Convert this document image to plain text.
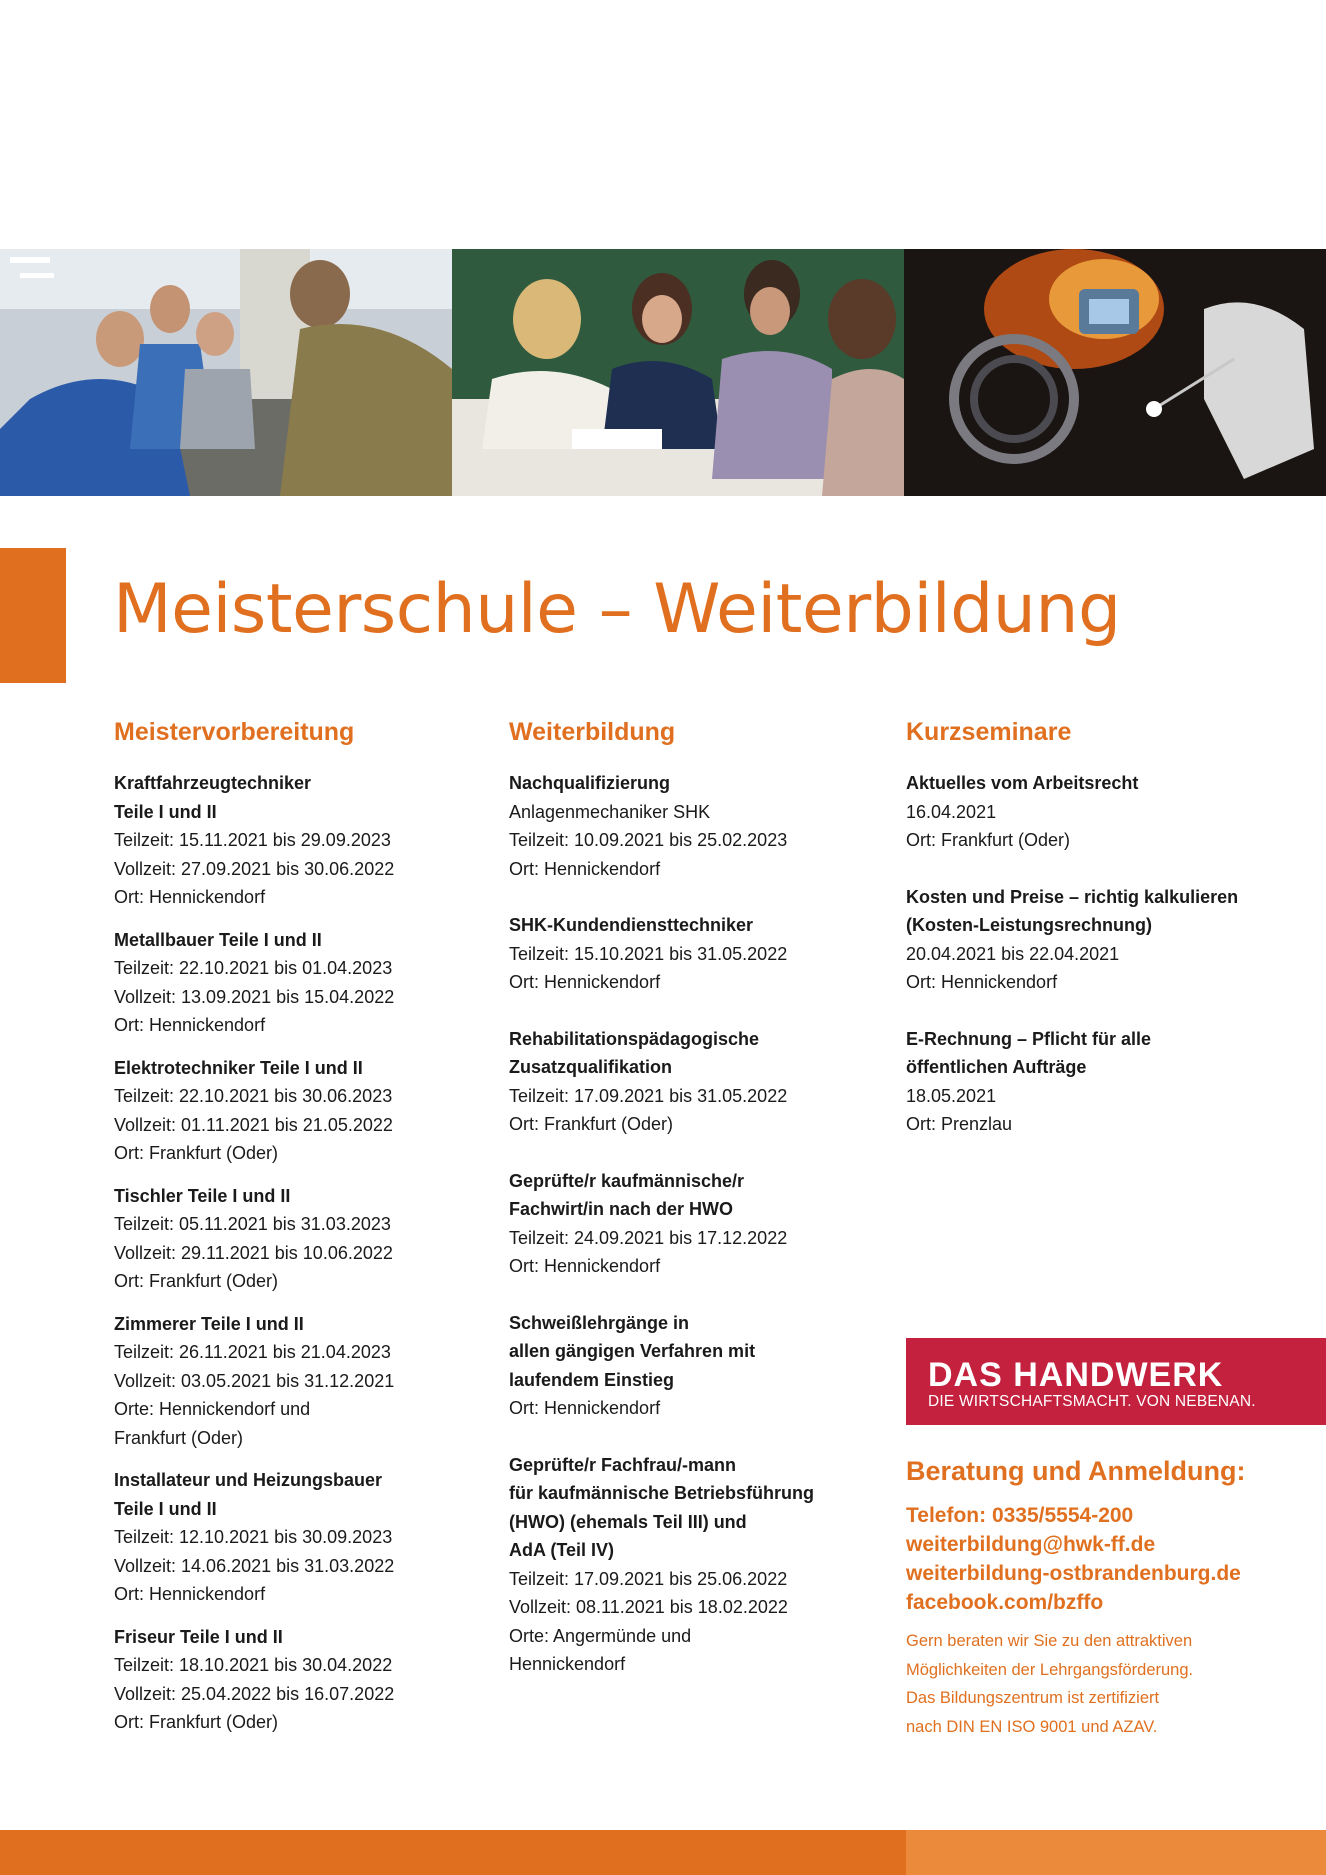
Meisterschule – Weiterbildung
Meistervorbereitung
Kraftfahrzeugtechniker
Teile I und II
Teilzeit: 15.11.2021 bis 29.09.2023
Vollzeit: 27.09.2021 bis 30.06.2022
Ort: Hennickendorf
Metallbauer Teile I und II
Teilzeit: 22.10.2021 bis 01.04.2023
Vollzeit: 13.09.2021 bis 15.04.2022
Ort: Hennickendorf
Elektrotechniker Teile I und II
Teilzeit: 22.10.2021 bis 30.06.2023
Vollzeit: 01.11.2021 bis 21.05.2022
Ort: Frankfurt (Oder)
Tischler Teile I und II
Teilzeit: 05.11.2021 bis 31.03.2023
Vollzeit: 29.11.2021 bis 10.06.2022
Ort: Frankfurt (Oder)
Zimmerer Teile I und II
Teilzeit: 26.11.2021 bis 21.04.2023
Vollzeit: 03.05.2021 bis 31.12.2021
Orte: Hennickendorf und
Frankfurt (Oder)
Installateur und Heizungsbauer
Teile I und II
Teilzeit: 12.10.2021 bis 30.09.2023
Vollzeit: 14.06.2021 bis 31.03.2022
Ort: Hennickendorf
Friseur Teile I und II
Teilzeit: 18.10.2021 bis 30.04.2022
Vollzeit: 25.04.2022 bis 16.07.2022
Ort: Frankfurt (Oder)
Weiterbildung
Nachqualifizierung
Anlagenmechaniker SHK
Teilzeit: 10.09.2021 bis 25.02.2023
Ort: Hennickendorf
SHK-Kundendiensttechniker
Teilzeit: 15.10.2021 bis 31.05.2022
Ort: Hennickendorf
Rehabilitationspädagogische
Zusatzqualifikation
Teilzeit: 17.09.2021 bis 31.05.2022
Ort: Frankfurt (Oder)
Geprüfte/r kaufmännische/r
Fachwirt/in nach der HWO
Teilzeit: 24.09.2021 bis 17.12.2022
Ort: Hennickendorf
Schweißlehrgänge in
allen gängigen Verfahren mit
laufendem Einstieg
Ort: Hennickendorf
Geprüfte/r Fachfrau/-mann
für kaufmännische Betriebsführung
(HWO) (ehemals Teil III) und
AdA (Teil IV)
Teilzeit: 17.09.2021 bis 25.06.2022
Vollzeit: 08.11.2021 bis 18.02.2022
Orte: Angermünde und
Hennickendorf
Kurzseminare
Aktuelles vom Arbeitsrecht
16.04.2021
Ort: Frankfurt (Oder)
Kosten und Preise – richtig kalkulieren
(Kosten-Leistungsrechnung)
20.04.2021 bis 22.04.2021
Ort: Hennickendorf
E-Rechnung – Pflicht für alle
öffentlichen Aufträge
18.05.2021
Ort: Prenzlau
DAS HANDWERK
DIE WIRTSCHAFTSMACHT. VON NEBENAN.
Beratung und Anmeldung:
Telefon: 0335/5554-200
weiterbildung@hwk-ff.de
weiterbildung-ostbrandenburg.de
facebook.com/bzffo
Gern beraten wir Sie zu den attraktiven
Möglichkeiten der Lehrgangsförderung.
Das Bildungszentrum ist zertifiziert
nach DIN EN ISO 9001 und AZAV.
